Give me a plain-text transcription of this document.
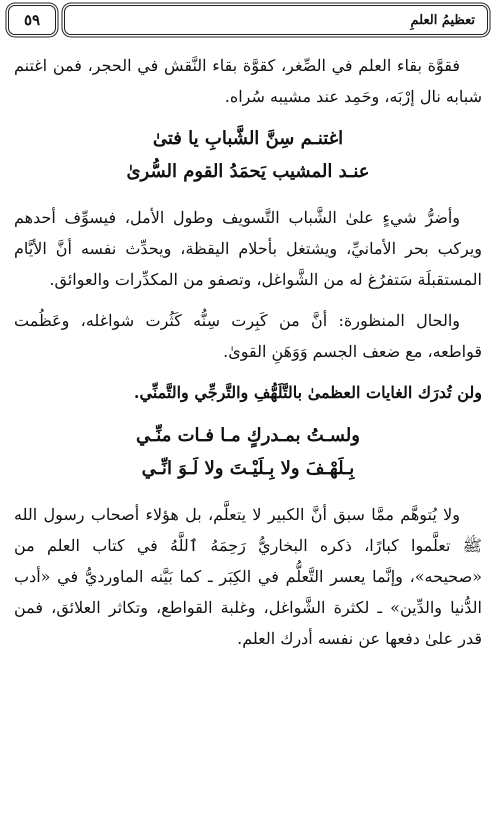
٥٩	تعظيمُ العلمِ

فقوَّة بقاء العلم في الصِّغر، كقوَّة بقاء النَّقش في الحجر، فمن اغتنم شبابه نال إرْبَه، وحَمِد عند مشيبه سُراه.

اغتنـم سِنَّ الشَّبابِ يا فتىٰ
عنـد المشيب يَحمَدُ القوم السُّرىٰ

وأضرُّ شيءٍ علىٰ الشَّباب التَّسويف وطول الأمل، فيسوِّف أحدهم ويركب بحر الأمانيِّ، ويشتغل بأحلام اليقظة، ويحدِّث نفسه أنَّ الأيَّام المستقبلَة سَتفرُغ له من الشَّواغل، وتصفو من المكدِّرات والعوائق.

والحال المنظورة: أنَّ من كَبِرت سِنُّه كَثُرت شواغله، وعَظُمت قواطعه، مع ضعف الجسم وَوَهَنِ القوىٰ.

ولن تُدرَك الغايات العظمىٰ بالتَّلَهُّفِ والتَّرجِّي والتَّمنِّي.
ولسـتُ بمـدركٍ مـا فـات منِّـي
بِـلَهْـفَ ولا بِـلَيْـتَ ولا لَـوَ انِّـي

ولا يُتوهَّم ممَّا سبق أنَّ الكبير لا يتعلَّم، بل هؤلاء أصحاب رسول الله ﷺ تعلَّموا كبارًا، ذكره البخاريُّ رَحِمَهُ ٱللَّهُ في كتاب العلم من «صحيحه»، وإنَّما يعسر التَّعلُّم في الكِبَر ـ كما بَيَّنه الماورديُّ في «أدب الدُّنيا والدِّين» ـ لكثرة الشَّواغل، وغلبة القواطع، وتكاثر العلائق، فمن قدر علىٰ دفعها عن نفسه أدرك العلم.
